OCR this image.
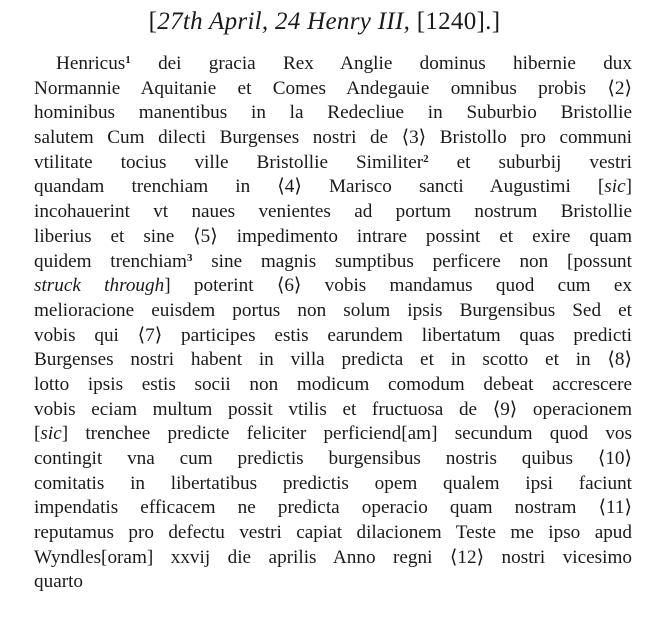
[27th April, 24 Henry III, [1240].]
Henricus$^1$ dei gracia Rex Anglie dominus hibernie dux
Normannie Aquitanie et Comes Andegauie omnibus probis ⟨2⟩
hominibus manentibus in la Redecliue in Suburbio Bristollie
salutem Cum dilecti Burgenses nostri de ⟨3⟩ Bristollo pro communi
vtilitate tocius ville Bristollie Similiter$^2$ et suburbij vestri
quandam trenchiam in ⟨4⟩ Marisco sancti Augustimi [sic]
incohauerint vt naues venientes ad portum nostrum Bristollie
liberius et sine ⟨5⟩ impedimento intrare possint et exire quam
quidem trenchiam$^3$ sine magnis sumptibus perficere non [possunt
struck through] poterint ⟨6⟩ vobis mandamus quod cum ex
melioracione euisdem portus non solum ipsis Burgensibus Sed et
vobis qui ⟨7⟩ participes estis earundem libertatum quas predicti
Burgenses nostri habent in villa predicta et in scotto et in ⟨8⟩
lotto ipsis estis socii non modicum comodum debeat accrescere
vobis eciam multum possit vtilis et fructuosa de ⟨9⟩ operacionem
[sic] trenchee predicte feliciter perficiend[am] secundum quod vos
contingit vna cum predictis burgensibus nostris quibus ⟨10⟩
comitatis in libertatibus predictis opem qualem ipsi faciunt
impendatis efficacem ne predicta operacio quam nostram ⟨11⟩
reputamus pro defectu vestri capiat dilacionem Teste me ipso apud
Wyndles[oram] xxvij die aprilis Anno regni ⟨12⟩ nostri vicesimo
quarto
